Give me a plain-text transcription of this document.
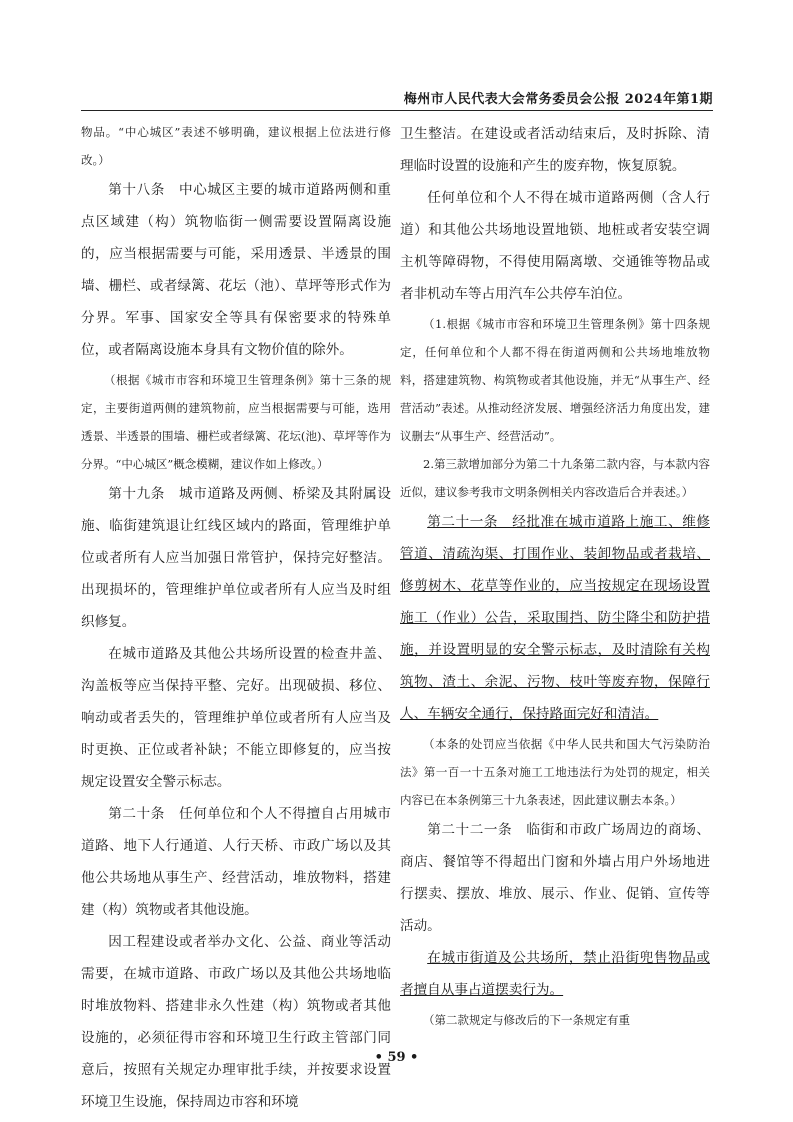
梅州市人民代表大会常务委员会公报 2024年第1期

物品。“中心城区”表述不够明确，建议根据上位法进行修改。）

第十八条　中心城区主要的城市道路两侧和重点区域建（构）筑物临街一侧需要设置隔离设施的，应当根据需要与可能，采用透景、半透景的围墙、栅栏、或者绿篱、花坛（池）、草坪等形式作为分界。军事、国家安全等具有保密要求的特殊单位，或者隔离设施本身具有文物价值的除外。

（根据《城市市容和环境卫生管理条例》第十三条的规定，主要街道两侧的建筑物前，应当根据需要与可能，选用透景、半透景的围墙、栅栏或者绿篱、花坛(池)、草坪等作为分界。“中心城区”概念模糊，建议作如上修改。）

第十九条　城市道路及两侧、桥梁及其附属设施、临街建筑退让红线区域内的路面，管理维护单位或者所有人应当加强日常管护，保持完好整洁。出现损坏的，管理维护单位或者所有人应当及时组织修复。

在城市道路及其他公共场所设置的检查井盖、沟盖板等应当保持平整、完好。出现破损、移位、响动或者丢失的，管理维护单位或者所有人应当及时更换、正位或者补缺；不能立即修复的，应当按规定设置安全警示标志。

第二十条　任何单位和个人不得擅自占用城市道路、地下人行通道、人行天桥、市政广场以及其他公共场地从事生产、经营活动，堆放物料，搭建建（构）筑物或者其他设施。

因工程建设或者举办文化、公益、商业等活动需要，在城市道路、市政广场以及其他公共场地临时堆放物料、搭建非永久性建（构）筑物或者其他设施的，必须征得市容和环境卫生行政主管部门同意后，按照有关规定办理审批手续，并按要求设置环境卫生设施，保持周边市容和环境

卫生整洁。在建设或者活动结束后，及时拆除、清理临时设置的设施和产生的废弃物，恢复原貌。

任何单位和个人不得在城市道路两侧（含人行道）和其他公共场地设置地锁、地桩或者安装空调主机等障碍物，不得使用隔离墩、交通锥等物品或者非机动车等占用汽车公共停车泊位。

（1.根据《城市市容和环境卫生管理条例》第十四条规定，任何单位和个人都不得在街道两侧和公共场地堆放物料，搭建建筑物、构筑物或者其他设施，并无“从事生产、经营活动”表述。从推动经济发展、增强经济活力角度出发，建议删去“从事生产、经营活动”。

2.第三款增加部分为第二十九条第二款内容，与本款内容近似，建议参考我市文明条例相关内容改造后合并表述。）

第二十一条　经批准在城市道路上施工、维修管道、清疏沟渠、打围作业、装卸物品或者栽培、修剪树木、花草等作业的，应当按规定在现场设置施工（作业）公告，采取围挡、防尘降尘和防护措施，并设置明显的安全警示标志，及时清除有关构筑物、渣土、余泥、污物、枝叶等废弃物，保障行人、车辆安全通行，保持路面完好和清洁。

（本条的处罚应当依据《中华人民共和国大气污染防治法》第一百一十五条对施工工地违法行为处罚的规定，相关内容已在本条例第三十九条表述，因此建议删去本条。）

第二十二一条　临街和市政广场周边的商场、商店、餐馆等不得超出门窗和外墙占用户外场地进行摆卖、摆放、堆放、展示、作业、促销、宣传等活动。

在城市街道及公共场所，禁止沿街兜售物品或者擅自从事占道摆卖行为。

（第二款规定与修改后的下一条规定有重

• 59 •
